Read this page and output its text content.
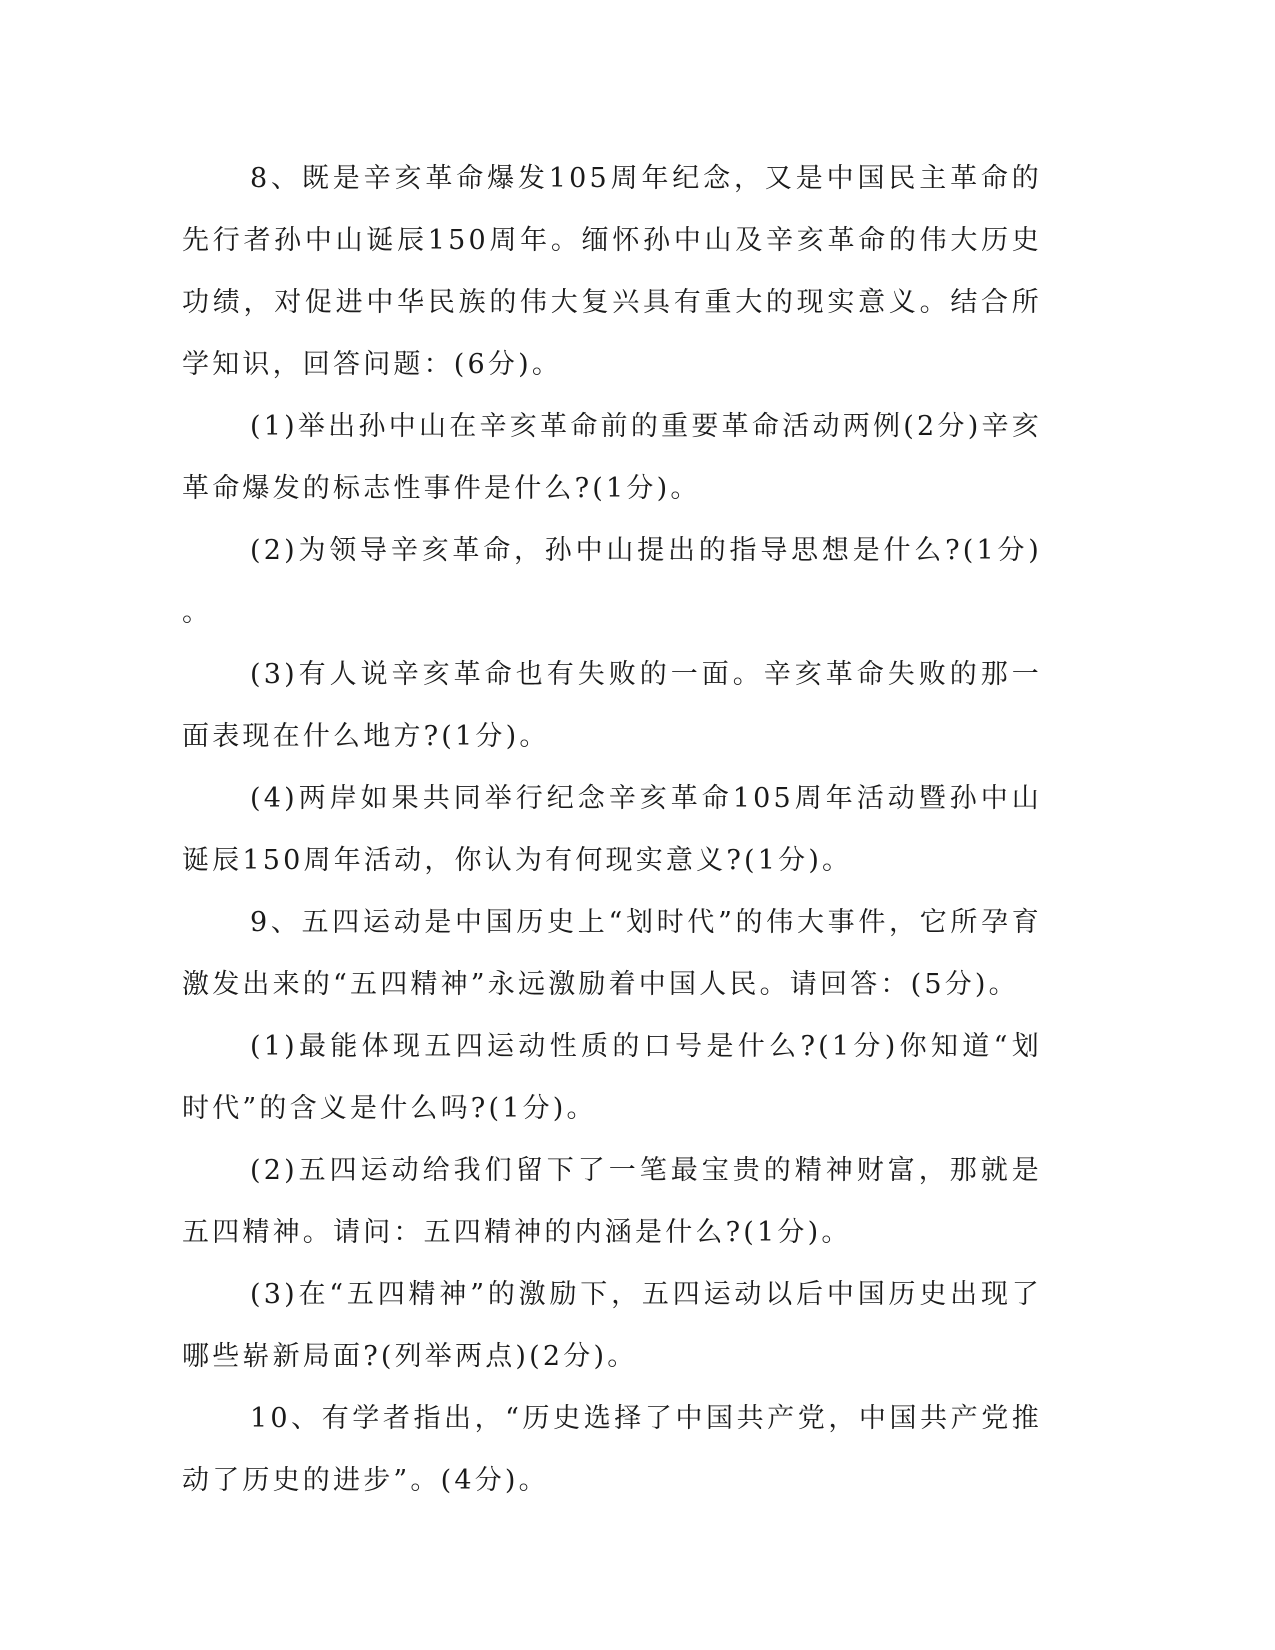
8、既是辛亥革命爆发105周年纪念，又是中国民主革命的先行者孙中山诞辰150周年。缅怀孙中山及辛亥革命的伟大历史功绩，对促进中华民族的伟大复兴具有重大的现实意义。结合所学知识，回答问题：(6分)。

(1)举出孙中山在辛亥革命前的重要革命活动两例(2分)辛亥革命爆发的标志性事件是什么?(1分)。

(2)为领导辛亥革命，孙中山提出的指导思想是什么?(1分)。

(3)有人说辛亥革命也有失败的一面。辛亥革命失败的那一面表现在什么地方?(1分)。

(4)两岸如果共同举行纪念辛亥革命105周年活动暨孙中山诞辰150周年活动，你认为有何现实意义?(1分)。

9、五四运动是中国历史上“划时代”的伟大事件，它所孕育激发出来的“五四精神”永远激励着中国人民。请回答：(5分)。

(1)最能体现五四运动性质的口号是什么?(1分)你知道“划时代”的含义是什么吗?(1分)。

(2)五四运动给我们留下了一笔最宝贵的精神财富，那就是五四精神。请问：五四精神的内涵是什么?(1分)。

(3)在“五四精神”的激励下，五四运动以后中国历史出现了哪些崭新局面?(列举两点)(2分)。

10、有学者指出，“历史选择了中国共产党，中国共产党推动了历史的进步”。(4分)。
